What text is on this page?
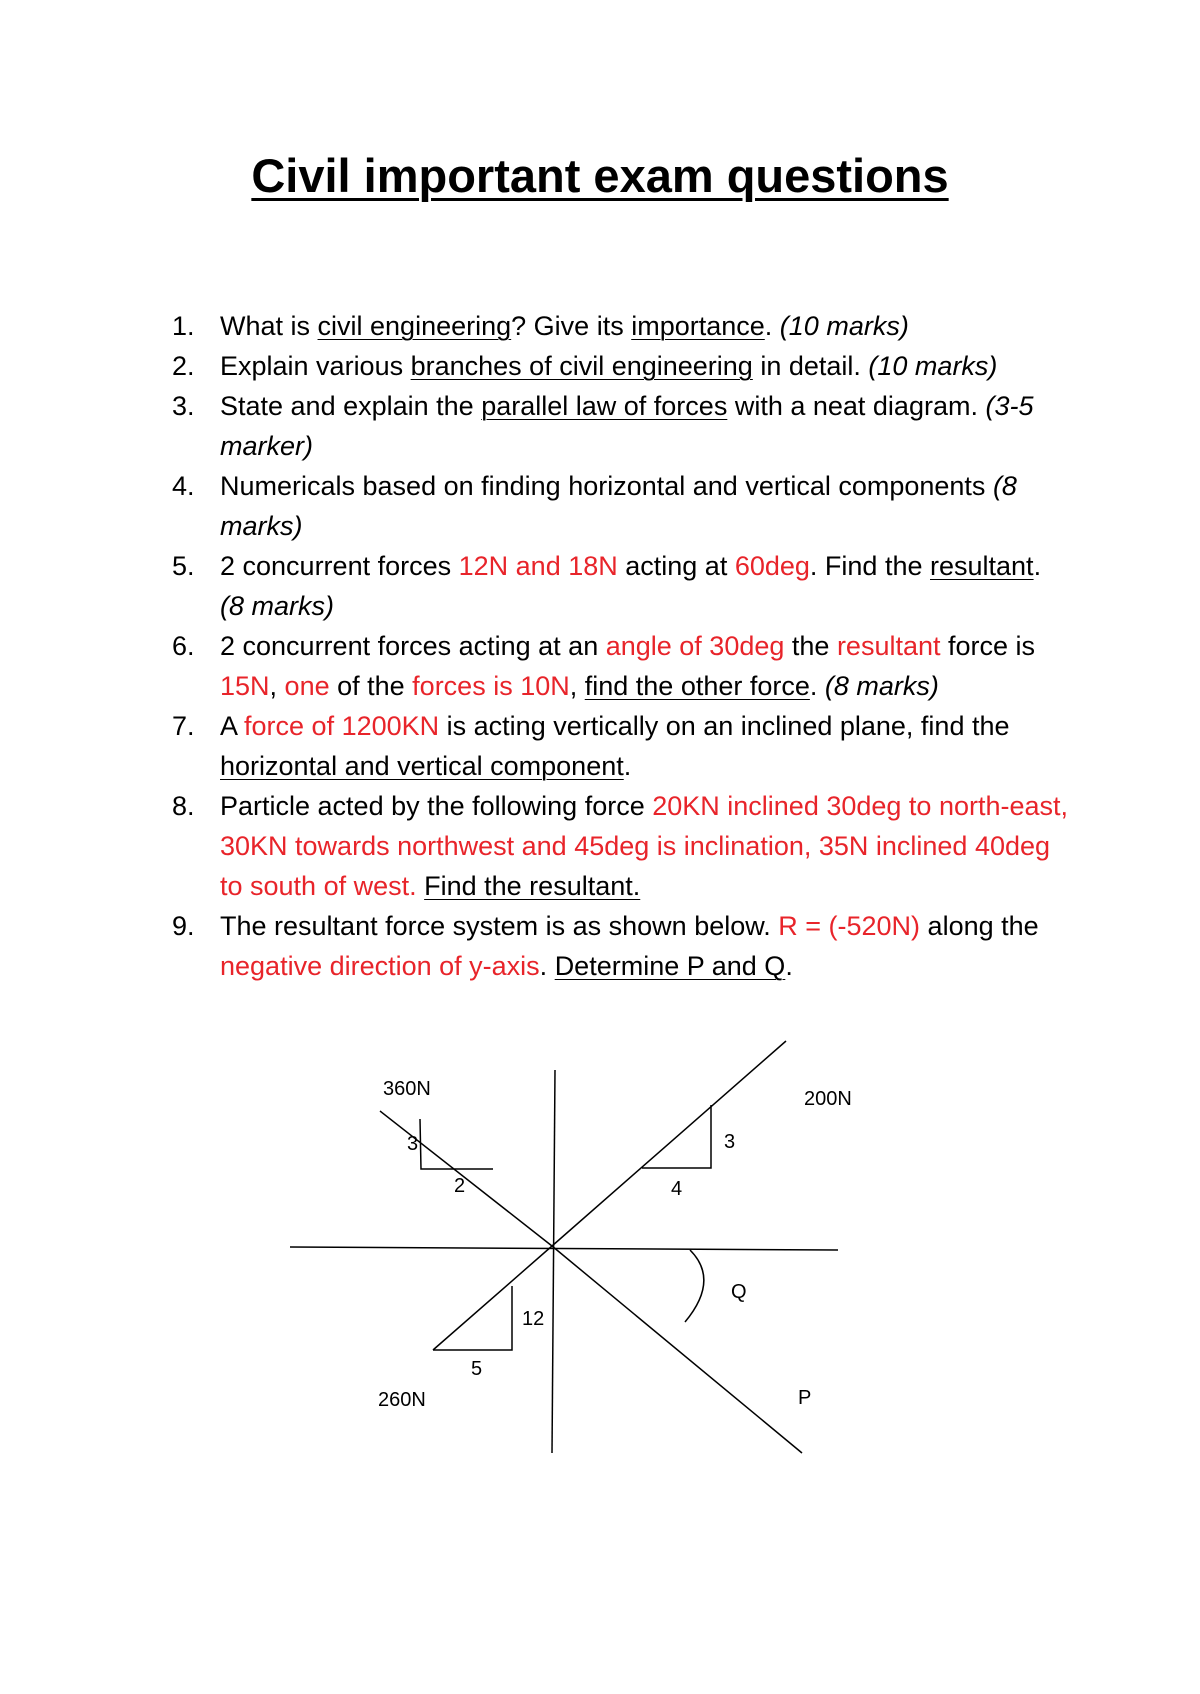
Civil important exam questions
1. What is civil engineering? Give its importance. (10 marks)
2. Explain various branches of civil engineering in detail. (10 marks)
3. State and explain the parallel law of forces with a neat diagram. (3-5 marker)
4. Numericals based on finding horizontal and vertical components (8 marks)
5. 2 concurrent forces 12N and 18N acting at 60deg. Find the resultant. (8 marks)
6. 2 concurrent forces acting at an angle of 30deg the resultant force is 15N, one of the forces is 10N, find the other force. (8 marks)
7. A force of 1200KN is acting vertically on an inclined plane, find the horizontal and vertical component.
8. Particle acted by the following force 20KN inclined 30deg to north-east, 30KN towards northwest and 45deg is inclination, 35N inclined 40deg to south of west. Find the resultant.
9. The resultant force system is as shown below. R = (-520N) along the negative direction of y-axis. Determine P and Q.
360N	200N
260N	P
Q
3
2
3
4
12
5
